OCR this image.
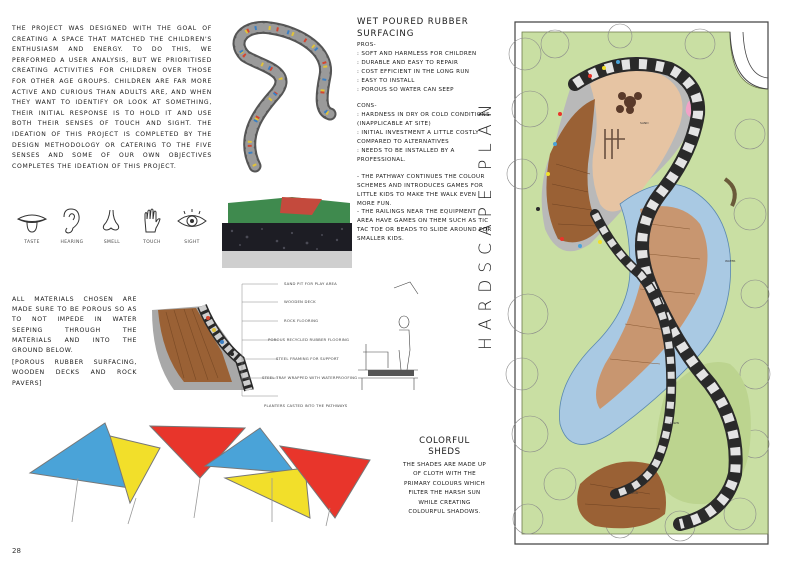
THE PROJECT WAS DESIGNED WITH THE GOAL OF CREATING A SPACE THAT MATCHED THE CHILDREN'S ENTHUSIASM AND ENERGY. TO DO THIS, WE PERFORMED A USER ANALYSIS, BUT WE PRIORITISED CREATING ACTIVITIES FOR CHILDREN OVER THOSE FOR OTHER AGE GROUPS. CHILDREN ARE FAR MORE ACTIVE AND CURIOUS THAN ADULTS ARE, AND WHEN THEY WANT TO IDENTIFY OR LOOK AT SOMETHING, THEIR INITIAL RESPONSE IS TO HOLD IT AND USE BOTH THEIR SENSES OF TOUCH AND SIGHT. THE IDEATION OF THIS PROJECT IS COMPLETED BY THE DESIGN METHODOLOGY OR CATERING TO THE FIVE SENSES AND SOME OF OUR OWN OBJECTIVES COMPLETES THE IDEATION OF THIS PROJECT.
TASTE	HEARING	SMELL	TOUCH	SIGHT
ALL MATERIALS CHOSEN ARE MADE SURE TO BE POROUS SO AS TO NOT IMPEDE IN WATER SEEPING THROUGH THE MATERIALS AND INTO THE GROUND BELOW.
[POROUS RUBBER SURFACING, WOODEN DECKS AND ROCK PAVERS]
SAND PIT FOR PLAY AREA
WOODEN DECK
ROCK FLOORING
POROUS RECYCLED RUBBER FLOORING
STEEL FRAMING FOR SUPPORT
STEEL TRAY WRAPPED WITH WATERPROOFING
PLANTERS CASTED INTO THE PATHWAYS
COLORFUL SHEDS
THE SHADES ARE MADE UP OF CLOTH WITH THE PRIMARY COLOURS WHICH FILTER THE HARSH SUN WHILE CREATING COLOURFUL SHADOWS.
28
WET POURED RUBBER SURFACING
PROS-
: SOFT AND HARMLESS FOR CHILDREN
: DURABLE AND EASY TO REPAIR
: COST EFFICIENT IN THE LONG RUN
: EASY TO INSTALL
: POROUS SO WATER CAN SEEP
CONS-
: HARDNESS IN DRY OR COLD CONDITIONS (INAPPLICABLE AT SITE)
: INITIAL INVESTMENT A LITTLE COSTLY
COMPARED TO ALTERNATIVES
: NEEDS TO BE INSTALLED BY A PROFESSIONAL.
- THE PATHWAY CONTINUES THE COLOUR SCHEMES AND INTRODUCES GAMES FOR LITTLE KIDS TO MAKE THE WALK EVEN MORE FUN.
- THE RAILINGS NEAR THE EQUIPMENT AREA HAVE GAMES ON THEM SUCH AS TIC TAC TOE OR BEADS TO SLIDE AROUND FOR SMALLER KIDS.	HARDSCAPE PLAN	SAND
WATER
LAWN
DECK
